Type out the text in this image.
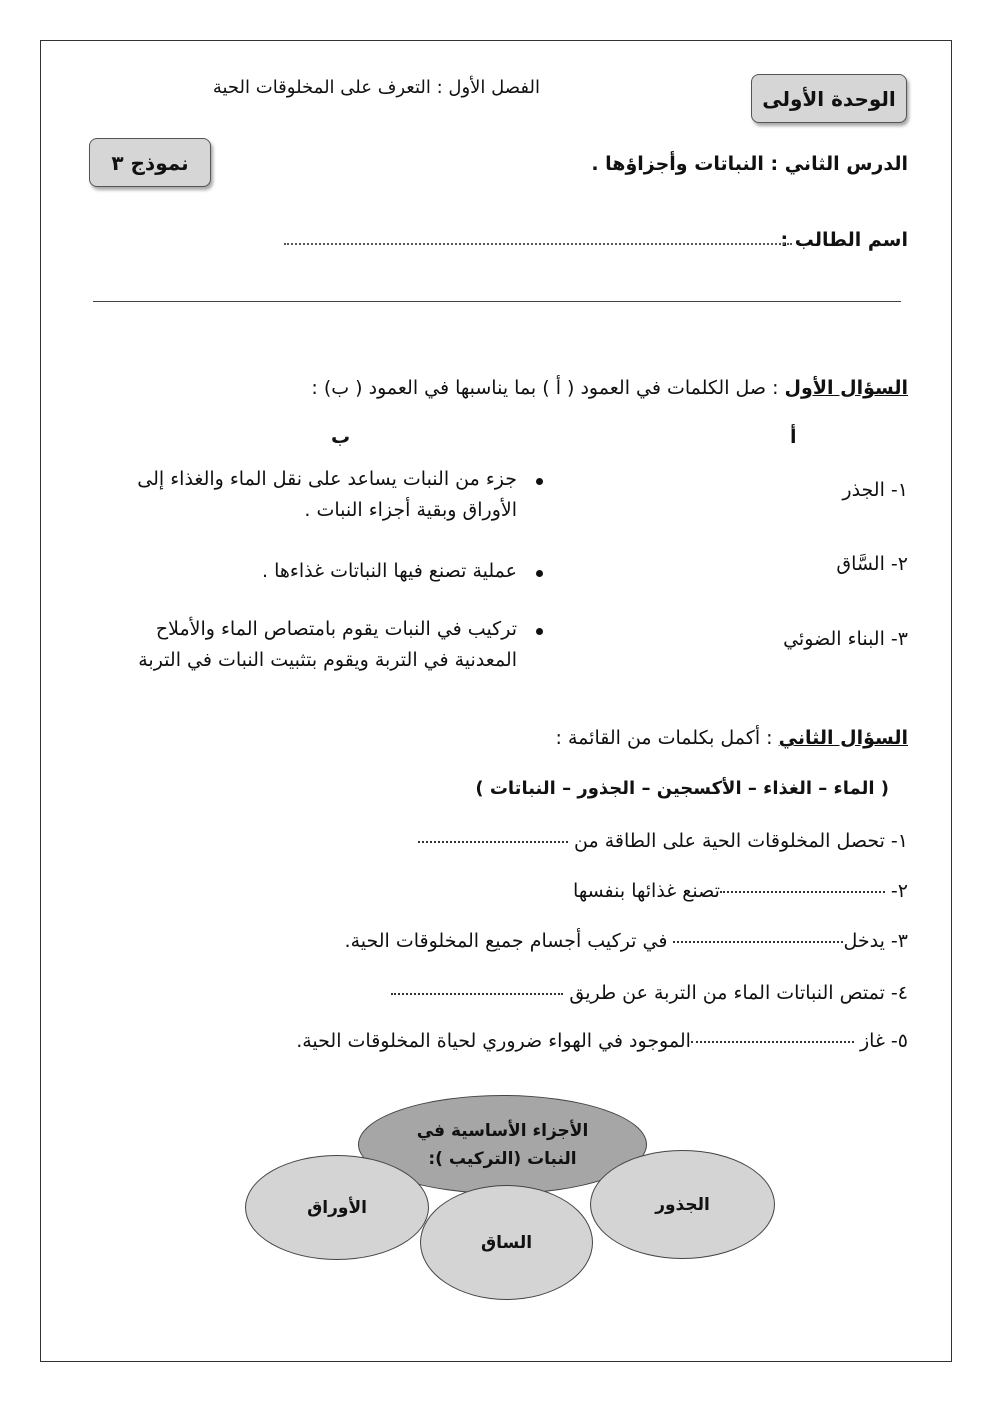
الوحدة الأولى
الفصل الأول : التعرف على المخلوقات الحية
نموذج ٣	الدرس الثاني : النباتات وأجزاؤها .
اسم الطالب :
السؤال الأول : صل الكلمات في العمود ( أ ) بما يناسبها في العمود ( ب) :
أ
ب
١- الجذر
٢- السَّاق
٣- البناء الضوئي
جزء من النبات يساعد على نقل الماء والغذاء إلى الأوراق وبقية أجزاء النبات .
عملية تصنع فيها النباتات غذاءها .
تركيب في النبات يقوم بامتصاص الماء والأملاح المعدنية في التربة ويقوم بتثبيت النبات في التربة
السؤال الثاني : أكمل بكلمات من القائمة :
( الماء – الغذاء – الأكسجين – الجذور – النباتات )
١- تحصل المخلوقات الحية على الطاقة من
٢- تصنع غذائها بنفسها
٣- يدخل في تركيب أجسام جميع المخلوقات الحية.
٤- تمتص النباتات الماء من التربة عن طريق
٥- غاز الموجود في الهواء ضروري لحياة المخلوقات الحية.
الأجزاء الأساسية في النبات (التركيب ):
الأوراق	الجذور
الساق
